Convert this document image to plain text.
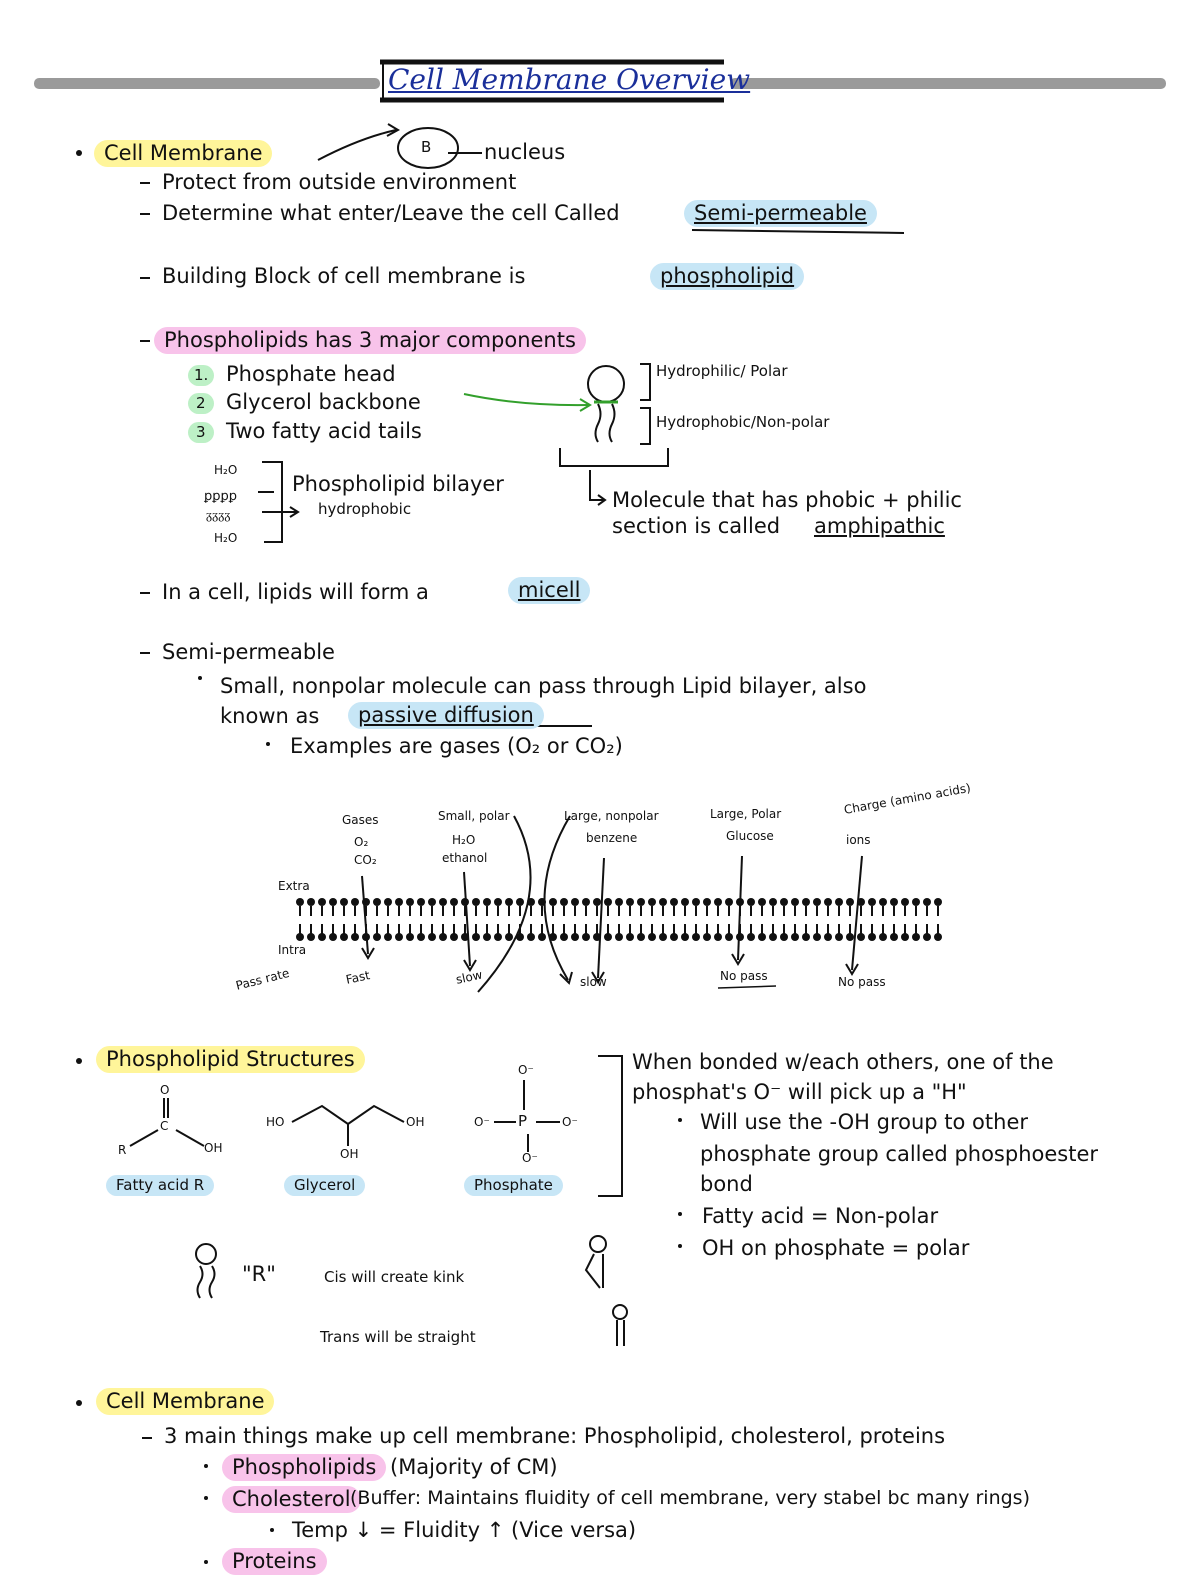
ꝑꝑꝑꝑ
ᵹᵹᵹᵹ
Cell Membrane Overview
Cell Membrane	B	nucleus
Protect from outside environment
Determine what enter/Leave the cell Called	Semi-permeable
Building Block of cell membrane is	phospholipid
Phospholipids has 3 major components
1. Phosphate head
2 Glycerol backbone
3 Two fatty acid tails
Hydrophilic/ Polar
Hydrophobic/Non-polar
H₂O
H₂O
Phospholipid bilayer
hydrophobic	Molecule that has phobic + philic
section is called amphipathic
In a cell, lipids will form a	micell
Semi-permeable
Small, nonpolar molecule can pass through Lipid bilayer, also
known as	passive diffusion
Examples are gases (O₂ or CO₂)
Gases
O₂
CO₂
Small, polar
H₂O
ethanol
Large, nonpolar
benzene
Large, Polar
Glucose
Charge (amino acids)
ions
Extra
Intra
Pass rate	Fast	slow	slow	No pass	No pass
Phospholipid Structures
O
C
R	OH
Fatty acid R
HO	OH
OH
Glycerol
O⁻
O⁻ P	O⁻
O⁻
Phosphate
When bonded w/each others, one of the
phosphat's O⁻ will pick up a "H"
Will use the -OH group to other
phosphate group called phosphoester
bond
Fatty acid = Non-polar
OH on phosphate = polar
"R"	Cis will create kink
Trans will be straight
Cell Membrane
3 main things make up cell membrane: Phospholipid, cholesterol, proteins
Phospholipids (Majority of CM)
Cholesterol (Buffer: Maintains fluidity of cell membrane, very stabel bc many rings)
Temp ↓ = Fluidity ↑ (Vice versa)
Proteins
